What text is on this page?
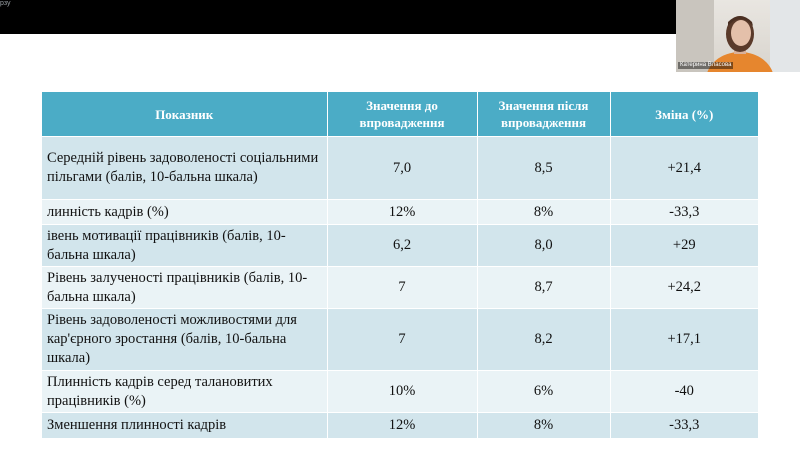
рзу
Катерина Власова
Показник	Значення до впровадження	Значення після впровадження	Зміна (%)
Середній рівень задоволеності соціальними пільгами (балів, 10-бальна шкала)	7,0	8,5	+21,4
линність кадрів (%)	12%	8%	-33,3
івень мотивації працівників (балів, 10-бальна шкала)	6,2	8,0	+29
Рівень залученості працівників (балів, 10-бальна шкала)	7	8,7	+24,2
Рівень задоволеності можливостями для кар'єрного зростання (балів, 10-бальна шкала)	7	8,2	+17,1
Плинність кадрів серед талановитих працівників (%)	10%	6%	-40
Зменшення плинності кадрів	12%	8%	-33,3
